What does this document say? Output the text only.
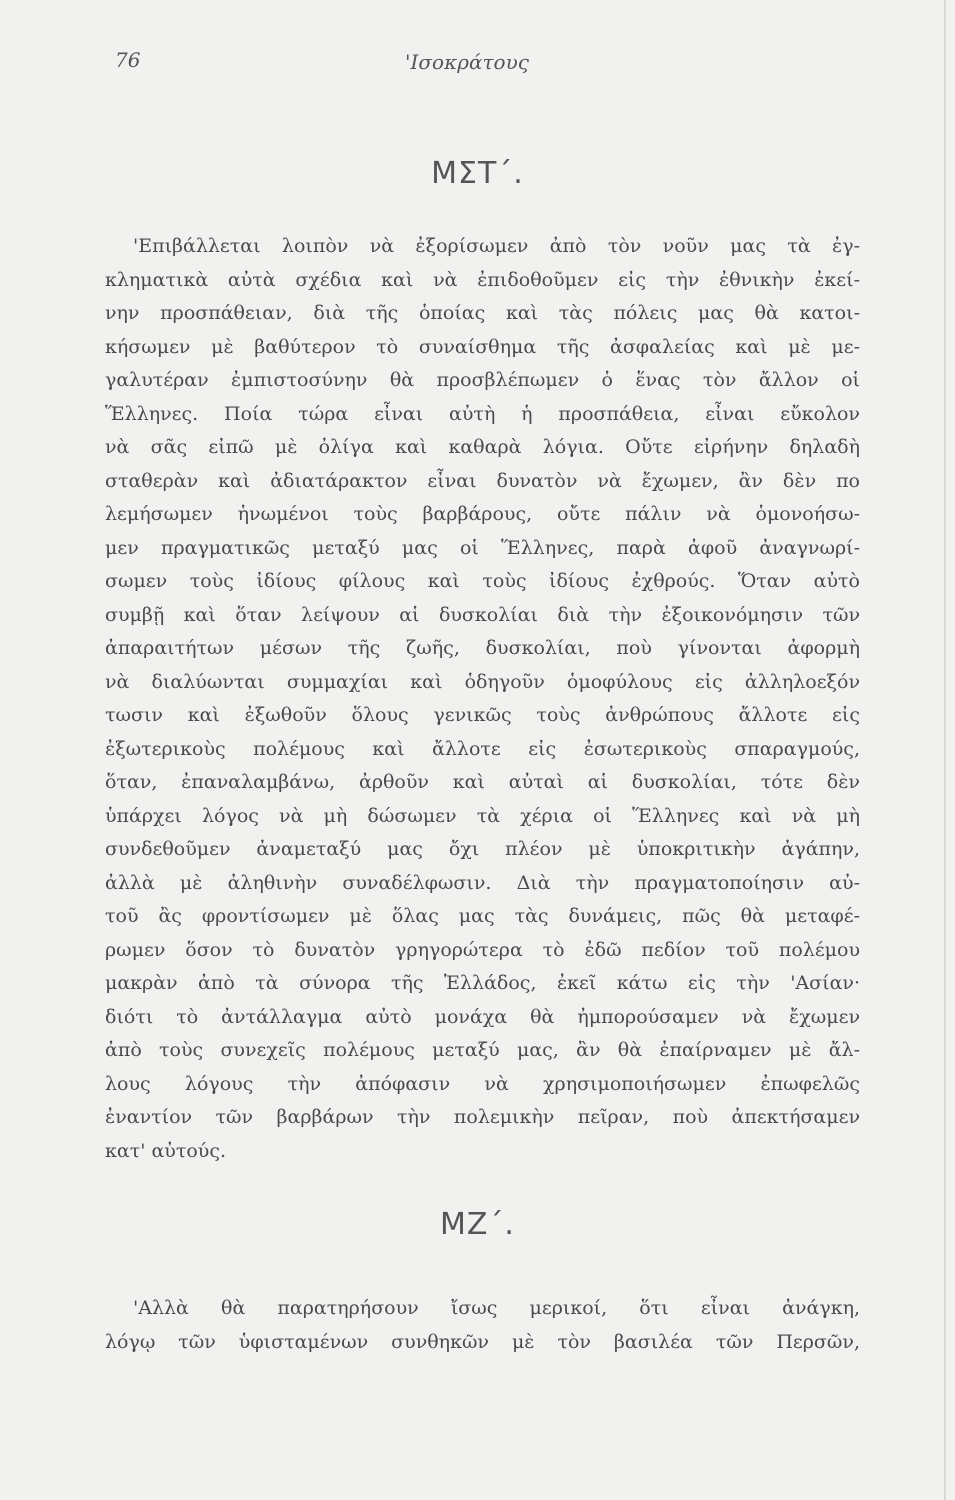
76	'Ισοκράτους
ΜΣΤ΄.
'Επιβάλλεται λοιπὸν νὰ ἐξορίσωμεν ἀπὸ τὸν νοῦν μας τὰ ἐγ-
κληματικὰ αὐτὰ σχέδια καὶ νὰ ἐπιδοθοῦμεν εἰς τὴν ἐθνικὴν ἐκεί-
νην προσπάθειαν, διὰ τῆς ὁποίας καὶ τὰς πόλεις μας θὰ κατοι-
κήσωμεν μὲ βαθύτερον τὸ συναίσθημα τῆς ἀσφαλείας καὶ μὲ με-
γαλυτέραν ἐμπιστοσύνην θὰ προσβλέπωμεν ὁ ἕνας τὸν ἄλλον οἱ
Ἕλληνες. Ποία τώρα εἶναι αὐτὴ ἡ προσπάθεια, εἶναι εὔκολον
νὰ σᾶς εἰπῶ μὲ ὀλίγα καὶ καθαρὰ λόγια. Οὔτε εἰρήνην δηλαδὴ
σταθερὰν καὶ ἀδιατάρακτον εἶναι δυνατὸν νὰ ἔχωμεν, ἂν δὲν πο
λεμήσωμεν ἡνωμένοι τοὺς βαρβάρους, οὔτε πάλιν νὰ ὁμονοήσω-
μεν πραγματικῶς μεταξύ μας οἱ Ἕλληνες, παρὰ ἀφοῦ ἀναγνωρί-
σωμεν τοὺς ἰδίους φίλους καὶ τοὺς ἰδίους ἐχθρούς. Ὅταν αὐτὸ
συμβῇ καὶ ὅταν λείψουν αἱ δυσκολίαι διὰ τὴν ἐξοικονόμησιν τῶν
ἀπαραιτήτων μέσων τῆς ζωῆς, δυσκολίαι, ποὺ γίνονται ἀφορμὴ
νὰ διαλύωνται συμμαχίαι καὶ ὁδηγοῦν ὁμοφύλους εἰς ἀλληλοεξόν
τωσιν καὶ ἐξωθοῦν ὅλους γενικῶς τοὺς ἀνθρώπους ἄλλοτε εἰς
ἐξωτερικοὺς πολέμους καὶ ἄλλοτε εἰς ἐσωτερικοὺς σπαραγμούς,
ὅταν, ἐπαναλαμβάνω, ἀρθοῦν καὶ αὐταὶ αἱ δυσκολίαι, τότε δὲν
ὑπάρχει λόγος νὰ μὴ δώσωμεν τὰ χέρια οἱ Ἕλληνες καὶ νὰ μὴ
συνδεθοῦμεν ἀναμεταξύ μας ὄχι πλέον μὲ ὑποκριτικὴν ἀγάπην,
ἀλλὰ μὲ ἀληθινὴν συναδέλφωσιν. Διὰ τὴν πραγματοποίησιν αὐ-
τοῦ ἂς φροντίσωμεν μὲ ὅλας μας τὰς δυνάμεις, πῶς θὰ μεταφέ-
ρωμεν ὅσον τὸ δυνατὸν γρηγορώτερα τὸ ἐδῶ πεδίον τοῦ πολέμου
μακρὰν ἀπὸ τὰ σύνορα τῆς Ἑλλάδος, ἐκεῖ κάτω εἰς τὴν 'Ασίαν·
διότι τὸ ἀντάλλαγμα αὐτὸ μονάχα θὰ ἠμπορούσαμεν νὰ ἔχωμεν
ἀπὸ τοὺς συνεχεῖς πολέμους μεταξύ μας, ἂν θὰ ἐπαίρναμεν μὲ ἄλ-
λους λόγους τὴν ἀπόφασιν νὰ χρησιμοποιήσωμεν ἐπωφελῶς
ἐναντίον τῶν βαρβάρων τὴν πολεμικὴν πεῖραν, ποὺ ἀπεκτήσαμεν
κατ' αὐτούς.
ΜΖ΄.
'Αλλὰ θὰ παρατηρήσουν ἴσως μερικοί, ὅτι εἶναι ἀνάγκη,
λόγῳ τῶν ὑφισταμένων συνθηκῶν μὲ τὸν βασιλέα τῶν Περσῶν,
